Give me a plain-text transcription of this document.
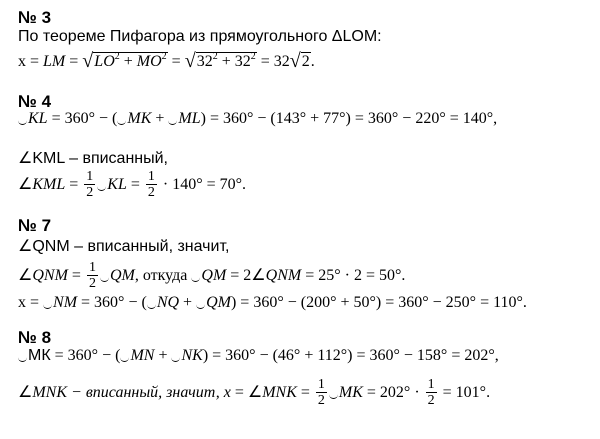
№ 3
По теореме Пифагора из прямоугольного ΔLOM:
x = LM = √ $LO^2 + MO^2$ = √ $32^2 + 32^2 = 32√$ 2.
№ 4
KL = 360° − ( MK + ML) = 360° − (143° + 77°) = 360° − 220° = 140°,
∠KML – вписанный,
∠KML = $\frac{1}{2}$ KL = $\frac{1}{2} \cdot 140^\circ = 70^\circ$.
№ 7
∠QNM – вписанный, значит,
∠QNM = $\frac{1}{2}$ QM, откуда QM = 2∠QNM = 25° · 2 = 50°.
x = NM = 360° − ( NQ + QM) = 360° − (200° + 50°) = 360° − 250° = 110°.
№ 8
МК = 360° − ( MN + NK) = 360° − (46° + 112°) = 360° − 158° = 202°,
∠MNK − вписанный, значит, x = ∠MNK = $\frac{1}{2}$ MK = $202^\circ \cdot \frac{1}{2} = 101^\circ$.
